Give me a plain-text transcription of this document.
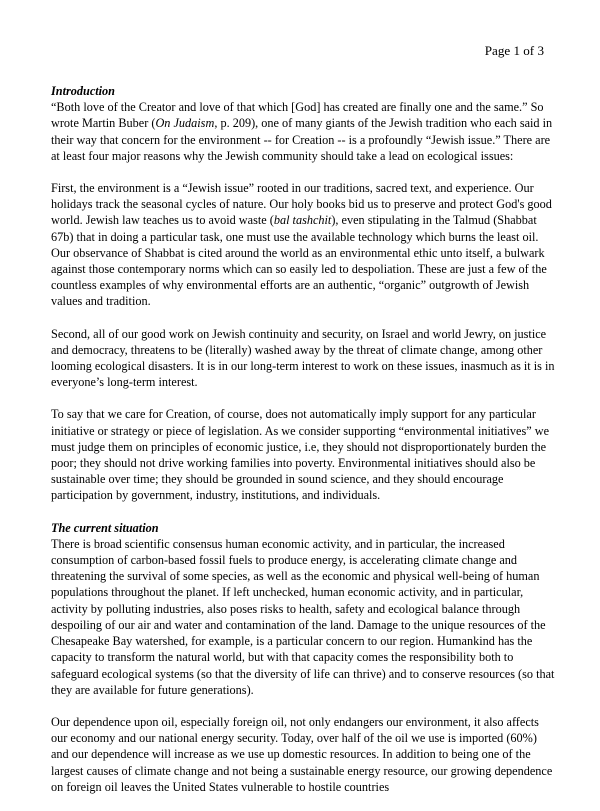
Page 1 of 3

Introduction

“Both love of the Creator and love of that which [God] has created are finally one and the same.” So wrote Martin Buber (On Judaism, p. 209), one of many giants of the Jewish tradition who each said in their way that concern for the environment -- for Creation -- is a profoundly “Jewish issue.” There are at least four major reasons why the Jewish community should take a lead on ecological issues:

First, the environment is a “Jewish issue” rooted in our traditions, sacred text, and experience. Our holidays track the seasonal cycles of nature. Our holy books bid us to preserve and protect God's good world. Jewish law teaches us to avoid waste (bal tashchit), even stipulating in the Talmud (Shabbat 67b) that in doing a particular task, one must use the available technology which burns the least oil. Our observance of Shabbat is cited around the world as an environmental ethic unto itself, a bulwark against those contemporary norms which can so easily led to despoliation. These are just a few of the countless examples of why environmental efforts are an authentic, “organic” outgrowth of Jewish values and tradition.

Second, all of our good work on Jewish continuity and security, on Israel and world Jewry, on justice and democracy, threatens to be (literally) washed away by the threat of climate change, among other looming ecological disasters. It is in our long-term interest to work on these issues, inasmuch as it is in everyone’s long-term interest.

To say that we care for Creation, of course, does not automatically imply support for any particular initiative or strategy or piece of legislation. As we consider supporting “environmental initiatives” we must judge them on principles of economic justice, i.e, they should not disproportionately burden the poor; they should not drive working families into poverty. Environmental initiatives should also be sustainable over time; they should be grounded in sound science, and they should encourage participation by government, industry, institutions, and individuals.

The current situation

There is broad scientific consensus human economic activity, and in particular, the increased consumption of carbon-based fossil fuels to produce energy, is accelerating climate change and threatening the survival of some species, as well as the economic and physical well-being of human populations throughout the planet. If left unchecked, human economic activity, and in particular, activity by polluting industries, also poses risks to health, safety and ecological balance through despoiling of our air and water and contamination of the land. Damage to the unique resources of the Chesapeake Bay watershed, for example, is a particular concern to our region. Humankind has the capacity to transform the natural world, but with that capacity comes the responsibility both to safeguard ecological systems (so that the diversity of life can thrive) and to conserve resources (so that they are available for future generations).

Our dependence upon oil, especially foreign oil, not only endangers our environment, it also affects our economy and our national energy security. Today, over half of the oil we use is imported (60%) and our dependence will increase as we use up domestic resources. In addition to being one of the largest causes of climate change and not being a sustainable energy resource, our growing dependence on foreign oil leaves the United States vulnerable to hostile countries
